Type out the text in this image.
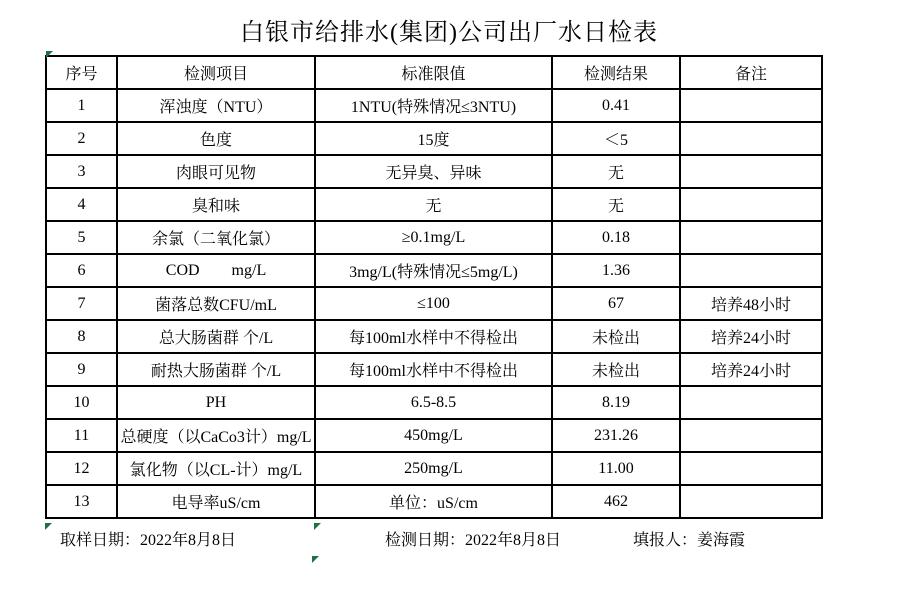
白银市给排水(集团)公司出厂水日检表
序号	检测项目	标准限值	检测结果	备注
1	浑浊度（NTU）	1NTU(特殊情况≤3NTU)	0.41	
2	色度	15度	＜5	
3	肉眼可见物	无异臭、异味	无	
4	臭和味	无	无	
5	余氯（二氧化氯）	≥0.1mg/L	0.18	
6	COD        mg/L	3mg/L(特殊情况≤5mg/L)	1.36	
7	菌落总数CFU/mL	≤100	67	培养48小时
8	总大肠菌群 个/L	每100ml水样中不得检出	未检出	培养24小时
9	耐热大肠菌群 个/L	每100ml水样中不得检出	未检出	培养24小时
10	PH	6.5-8.5	8.19	
11	总硬度（以CaCo3计）mg/L	450mg/L	231.26	
12	氯化物（以CL-计）mg/L	250mg/L	11.00	
13	电导率uS/cm	单位：uS/cm	462	
取样日期：2022年8月8日	检测日期：2022年8月8日	填报人：姜海霞
